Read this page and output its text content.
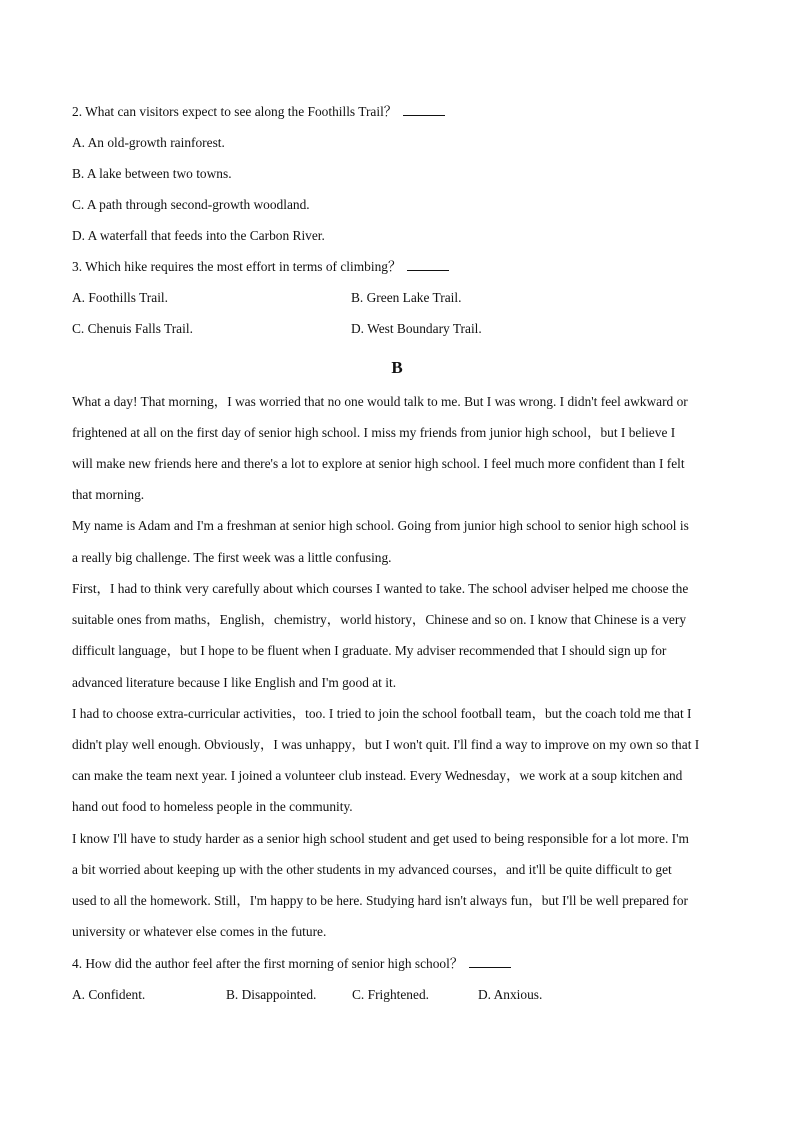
2. What can visitors expect to see along the Foothills Trail？
A. An old-growth rainforest.
B. A lake between two towns.
C. A path through second-growth woodland.
D. A waterfall that feeds into the Carbon River.
3. Which hike requires the most effort in terms of climbing？
A. Foothills Trail.	B. Green Lake Trail.
C. Chenuis Falls Trail.	D. West Boundary Trail.
B
What a day! That morning，I was worried that no one would talk to me. But I was wrong. I didn't feel awkward or
frightened at all on the first day of senior high school. I miss my friends from junior high school，but I believe I
will make new friends here and there's a lot to explore at senior high school. I feel much more confident than I felt
that morning.
My name is Adam and I'm a freshman at senior high school. Going from junior high school to senior high school is
a really big challenge. The first week was a little confusing.
First，I had to think very carefully about which courses I wanted to take. The school adviser helped me choose the
suitable ones from maths，English，chemistry，world history，Chinese and so on. I know that Chinese is a very
difficult language，but I hope to be fluent when I graduate. My adviser recommended that I should sign up for
advanced literature because I like English and I'm good at it.
I had to choose extra-curricular activities，too. I tried to join the school football team，but the coach told me that I
didn't play well enough. Obviously，I was unhappy，but I won't quit. I'll find a way to improve on my own so that I
can make the team next year. I joined a volunteer club instead. Every Wednesday，we work at a soup kitchen and
hand out food to homeless people in the community.
I know I'll have to study harder as a senior high school student and get used to being responsible for a lot more. I'm
a bit worried about keeping up with the other students in my advanced courses，and it'll be quite difficult to get
used to all the homework. Still，I'm happy to be here. Studying hard isn't always fun，but I'll be well prepared for
university or whatever else comes in the future.
4. How did the author feel after the first morning of senior high school？
A. Confident.	B. Disappointed.	C. Frightened.	D. Anxious.
